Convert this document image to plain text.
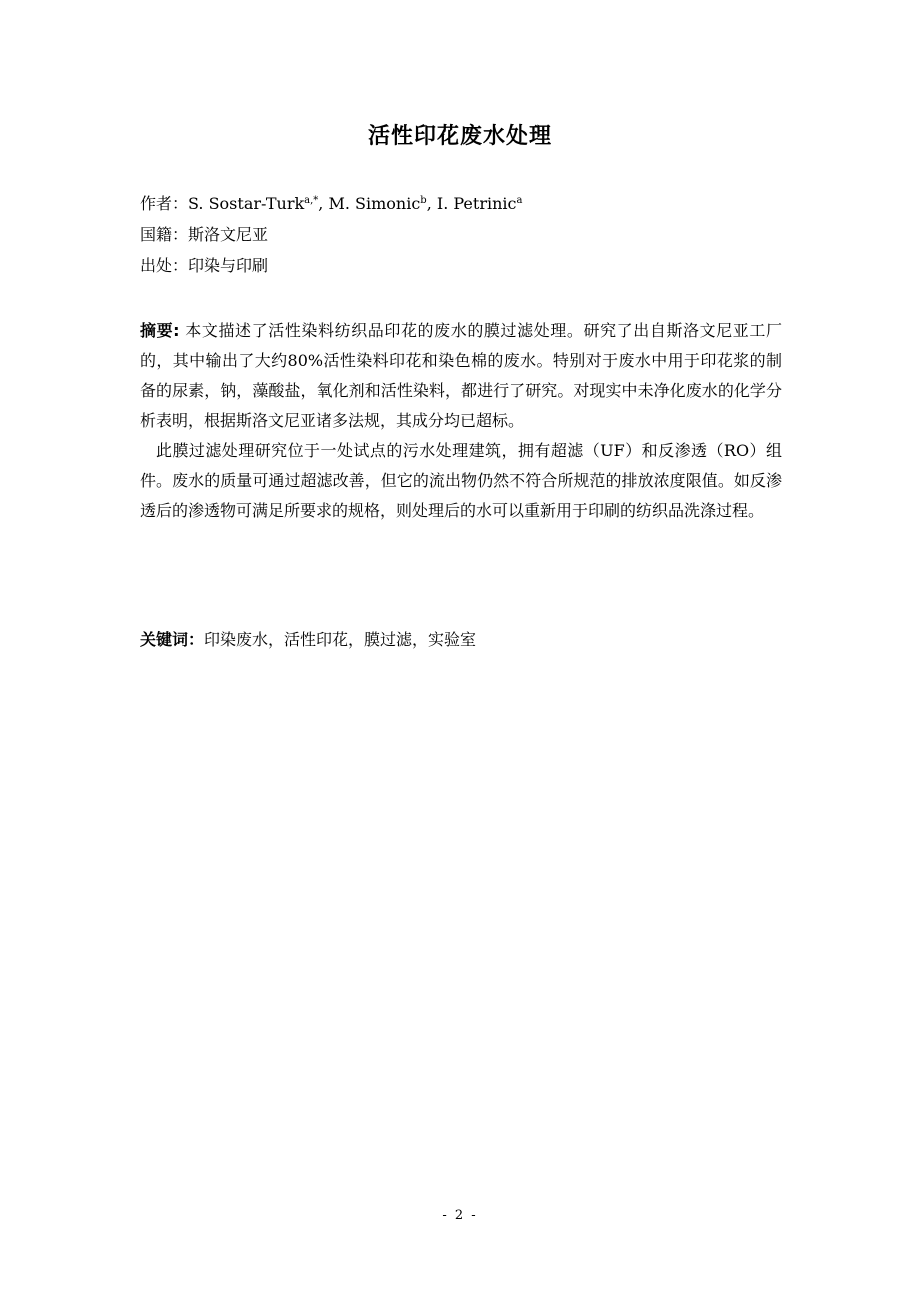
活性印花废水处理
作者：S. Sostar-Turk$^{a,*}$, M. Simonic$^b$, I. Petrinic$^a$
国籍：斯洛文尼亚
出处：印染与印刷

摘要: 本文描述了活性染料纺织品印花的废水的膜过滤处理。研究了出自斯洛文尼亚工厂的，其中输出了大约80%活性染料印花和染色棉的废水。特别对于废水中用于印花浆的制备的尿素，钠，藻酸盐，氧化剂和活性染料，都进行了研究。对现实中未净化废水的化学分析表明，根据斯洛文尼亚诸多法规，其成分均已超标。

此膜过滤处理研究位于一处试点的污水处理建筑，拥有超滤（UF）和反渗透（RO）组件。废水的质量可通过超滤改善，但它的流出物仍然不符合所规范的排放浓度限值。如反渗透后的渗透物可满足所要求的规格，则处理后的水可以重新用于印刷的纺织品洗涤过程。

关键词：印染废水，活性印花，膜过滤，实验室
- 2 -
